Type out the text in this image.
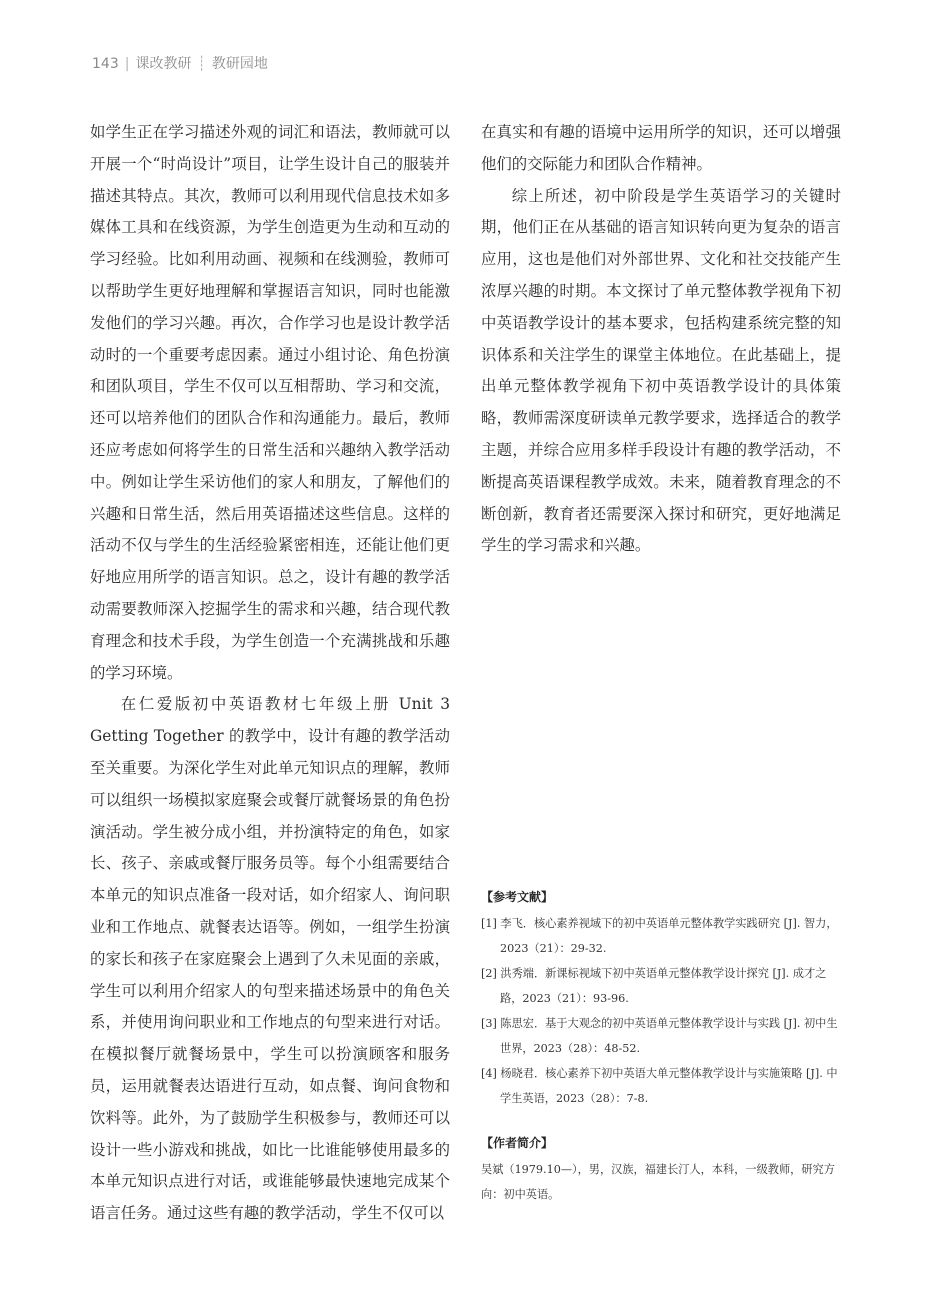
143 | 课改教研 ┊ 教研园地

如学生正在学习描述外观的词汇和语法，教师就可以开展一个“时尚设计”项目，让学生设计自己的服装并描述其特点。其次，教师可以利用现代信息技术如多媒体工具和在线资源，为学生创造更为生动和互动的学习经验。比如利用动画、视频和在线测验，教师可以帮助学生更好地理解和掌握语言知识，同时也能激发他们的学习兴趣。再次，合作学习也是设计教学活动时的一个重要考虑因素。通过小组讨论、角色扮演和团队项目，学生不仅可以互相帮助、学习和交流，还可以培养他们的团队合作和沟通能力。最后，教师还应考虑如何将学生的日常生活和兴趣纳入教学活动中。例如让学生采访他们的家人和朋友，了解他们的兴趣和日常生活，然后用英语描述这些信息。这样的活动不仅与学生的生活经验紧密相连，还能让他们更好地应用所学的语言知识。总之，设计有趣的教学活动需要教师深入挖掘学生的需求和兴趣，结合现代教育理念和技术手段，为学生创造一个充满挑战和乐趣的学习环境。

在仁爱版初中英语教材七年级上册 Unit 3 Getting Together 的教学中，设计有趣的教学活动至关重要。为深化学生对此单元知识点的理解，教师可以组织一场模拟家庭聚会或餐厅就餐场景的角色扮演活动。学生被分成小组，并扮演特定的角色，如家长、孩子、亲戚或餐厅服务员等。每个小组需要结合本单元的知识点准备一段对话，如介绍家人、询问职业和工作地点、就餐表达语等。例如，一组学生扮演的家长和孩子在家庭聚会上遇到了久未见面的亲戚，学生可以利用介绍家人的句型来描述场景中的角色关系，并使用询问职业和工作地点的句型来进行对话。在模拟餐厅就餐场景中，学生可以扮演顾客和服务员，运用就餐表达语进行互动，如点餐、询问食物和饮料等。此外，为了鼓励学生积极参与，教师还可以设计一些小游戏和挑战，如比一比谁能够使用最多的本单元知识点进行对话，或谁能够最快速地完成某个语言任务。通过这些有趣的教学活动，学生不仅可以

在真实和有趣的语境中运用所学的知识，还可以增强他们的交际能力和团队合作精神。

综上所述，初中阶段是学生英语学习的关键时期，他们正在从基础的语言知识转向更为复杂的语言应用，这也是他们对外部世界、文化和社交技能产生浓厚兴趣的时期。本文探讨了单元整体教学视角下初中英语教学设计的基本要求，包括构建系统完整的知识体系和关注学生的课堂主体地位。在此基础上，提出单元整体教学视角下初中英语教学设计的具体策略，教师需深度研读单元教学要求，选择适合的教学主题，并综合应用多样手段设计有趣的教学活动，不断提高英语课程教学成效。未来，随着教育理念的不断创新，教育者还需要深入探讨和研究，更好地满足学生的学习需求和兴趣。

【参考文献】
[1] 李飞．核心素养视域下的初中英语单元整体教学实践研究 [J]. 智力，2023（21）：29-32.
[2] 洪秀端．新课标视域下初中英语单元整体教学设计探究 [J]. 成才之路，2023（21）：93-96.
[3] 陈思宏．基于大观念的初中英语单元整体教学设计与实践 [J]. 初中生世界，2023（28）：48-52.
[4] 杨晓君．核心素养下初中英语大单元整体教学设计与实施策略 [J]. 中学生英语，2023（28）：7-8.
【作者简介】
吴斌（1979.10—），男，汉族，福建长汀人，本科，一级教师，研究方向：初中英语。
